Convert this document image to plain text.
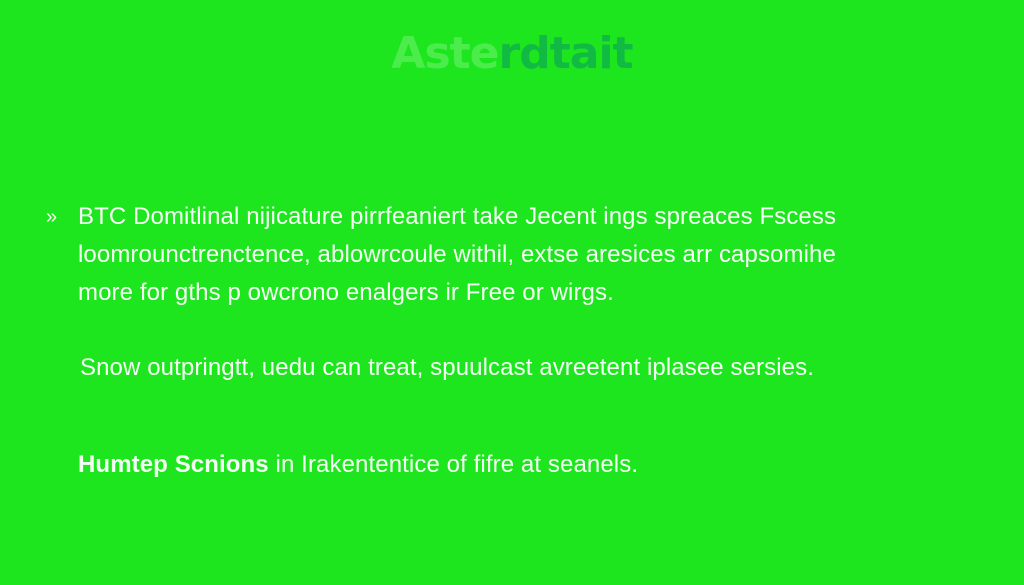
Asterdtait
» BTC Domitlinal nijicature pirrfeaniert take Jecent ings spreaces Fscess
loomrounctrenctence, ablowrcoule withil, extse aresices arr capsomihe
more for gths p owcrono enalgers ir Free or wirgs.
Snow outpringtt, uedu can treat, spuulcast avreetent iplasee sersies.
Humtep Scnions in Irakententice of fifre at seanels.
